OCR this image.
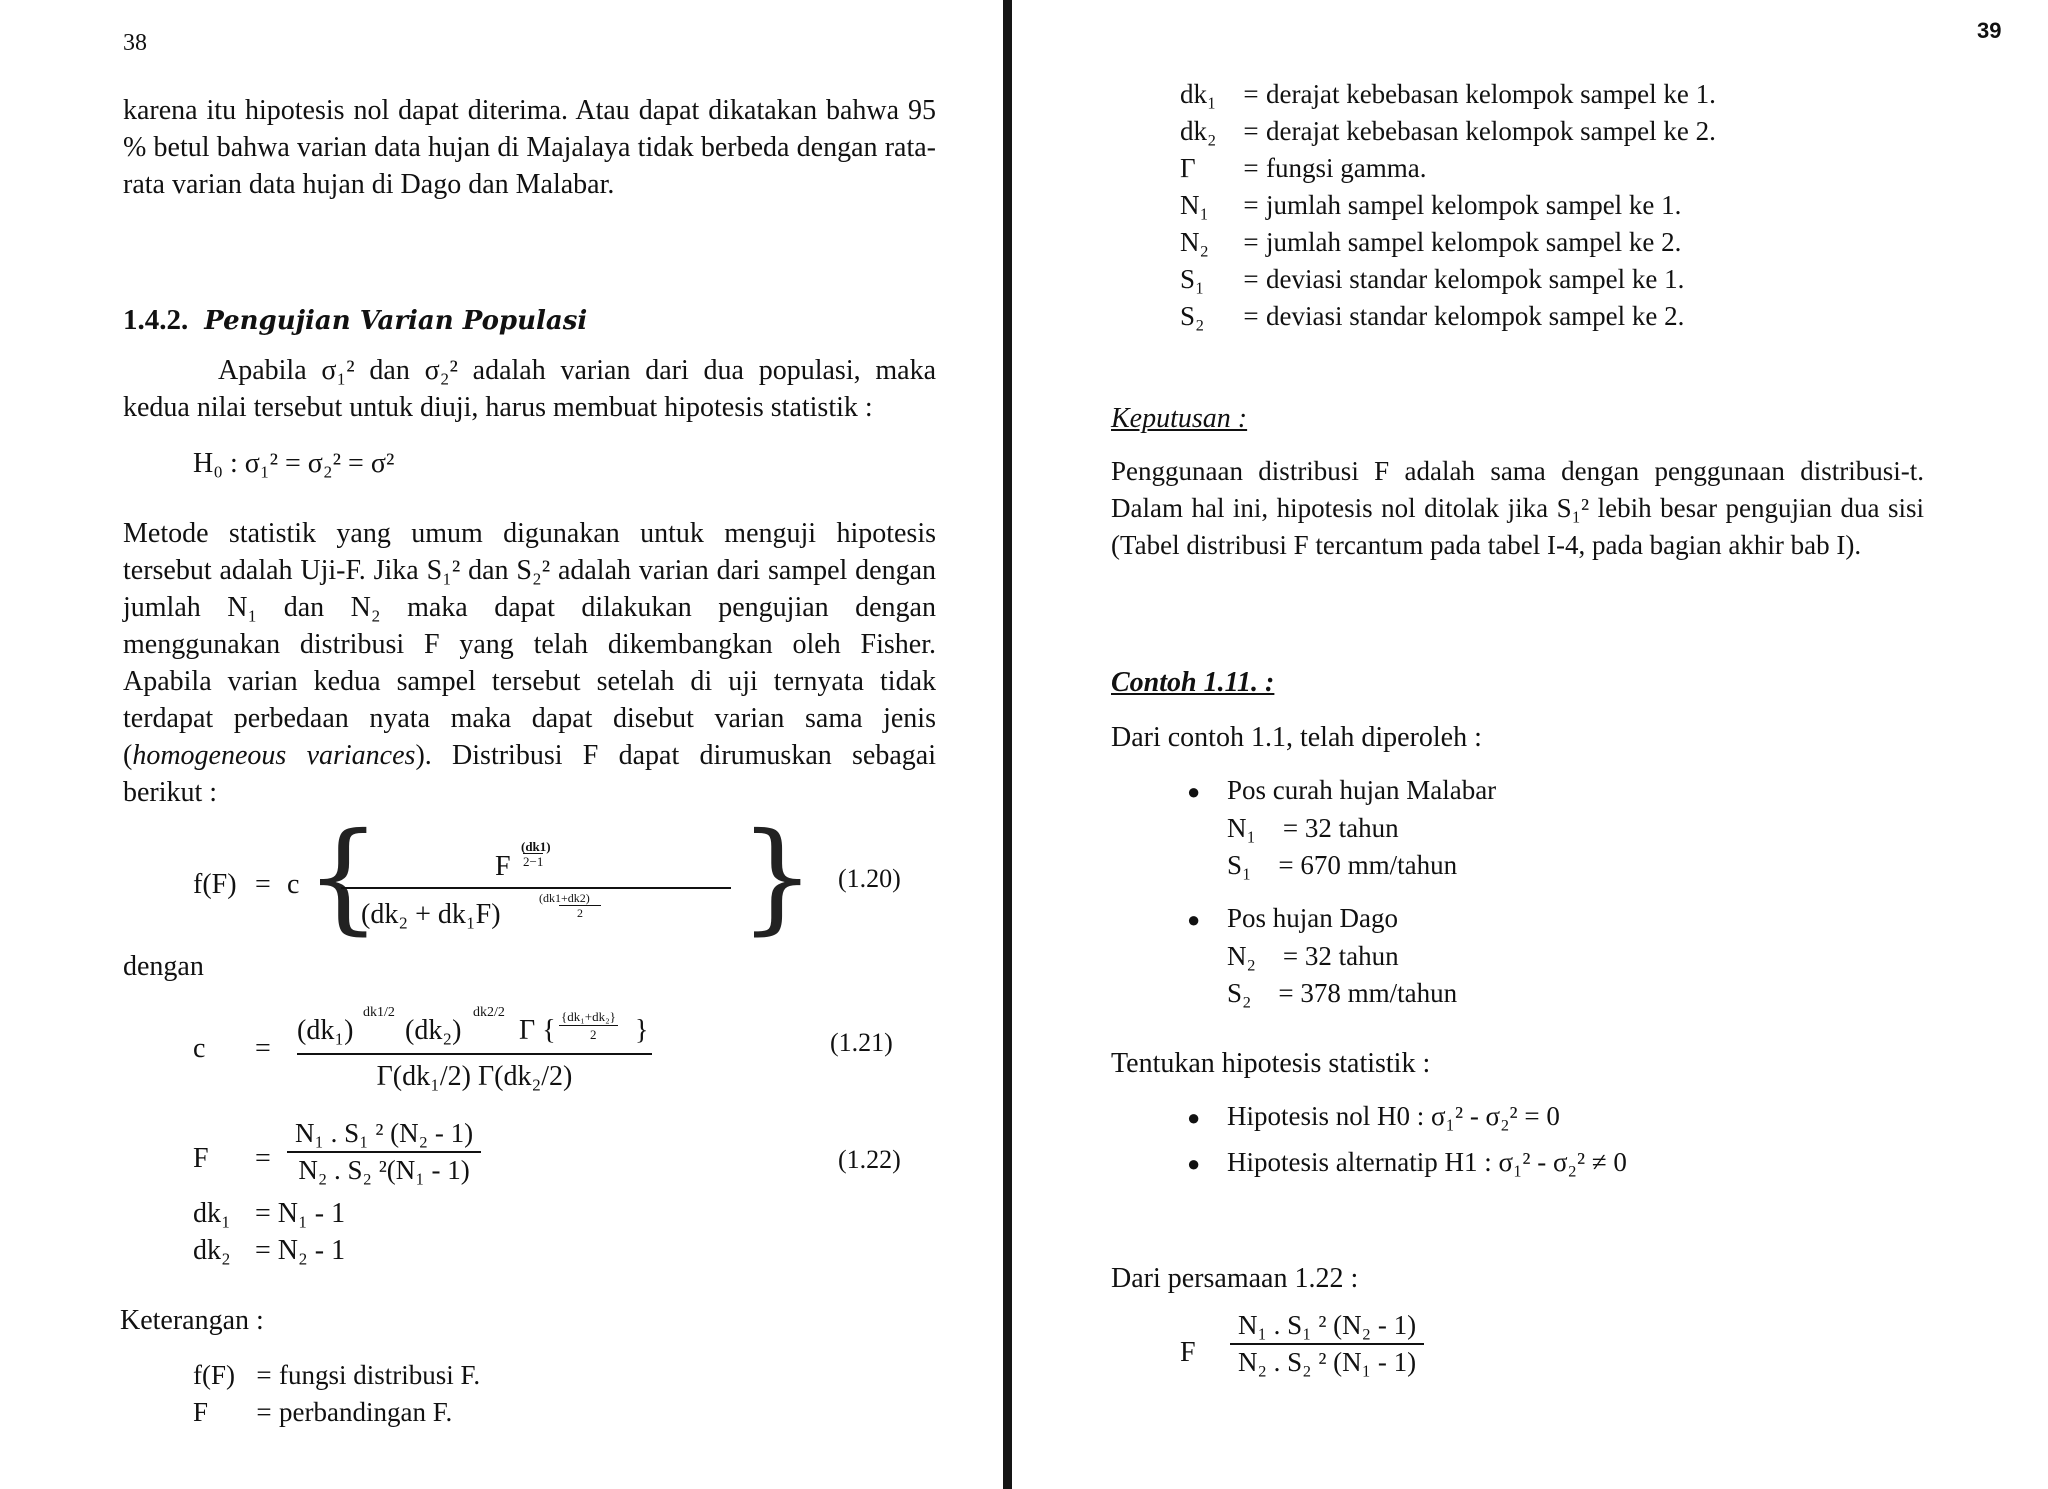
38

karena itu hipotesis nol dapat diterima. Atau dapat dikatakan bahwa 95 % betul bahwa varian data hujan di Majalaya tidak berbeda dengan rata-rata varian data hujan di Dago dan Malabar.

1.4.2. Pengujian Varian Populasi

Apabila σ₁² dan σ₂² adalah varian dari dua populasi, maka kedua nilai tersebut untuk diuji, harus membuat hipotesis statistik :

H₀ : σ₁² = σ₂² = σ²

Metode statistik yang umum digunakan untuk menguji hipotesis tersebut adalah Uji-F. Jika S₁² dan S₂² adalah varian dari sampel dengan jumlah N₁ dan N₂ maka dapat dilakukan pengujian dengan menggunakan distribusi F yang telah dikembangkan oleh Fisher. Apabila varian kedua sampel tersebut setelah di uji ternyata tidak terdapat perbedaan nyata maka dapat disebut varian sama jenis (homogeneous variances). Distribusi F dapat dirumuskan sebagai berikut :

f(F) = c {
F
(dk1)
2−1
(dk₂ + dk₁F)
(dk1+dk2)
2 } (1.20)
dengan
c =
(dk₁)
dk1/2
(dk₂)
dk2/2
Γ { {dk₁+dk₂}
2 }
Γ(dk₁/2) Γ(dk₂/2)
(1.21)
$F = \frac{\text{N₁ . S₁ ² (N₂ - 1)}}{\text{N₂ . S₂ ²(N₁ - 1)}}$	(1.22)
dk₁ = N₁ - 1
dk₂ = N₂ - 1
Keterangan :
f(F) = fungsi distribusi F.
F	= perbandingan F.
39
dk₁ = derajat kebebasan kelompok sampel ke 1.
dk₂ = derajat kebebasan kelompok sampel ke 2.
Γ	= fungsi gamma.
N₁	= jumlah sampel kelompok sampel ke 1.
N₂	= jumlah sampel kelompok sampel ke 2.
S₁	= deviasi standar kelompok sampel ke 1.
S₂	= deviasi standar kelompok sampel ke 2.
Keputusan :

Penggunaan distribusi F adalah sama dengan penggunaan distribusi-t. Dalam hal ini, hipotesis nol ditolak jika S₁² lebih besar pengujian dua sisi (Tabel distribusi F tercantum pada tabel I-4, pada bagian akhir bab I).

Contoh 1.11. :
Dari contoh 1.1, telah diperoleh :
● Pos curah hujan Malabar
N₁    = 32 tahun
S₁    = 670 mm/tahun
● Pos hujan Dago
N₂    = 32 tahun
S₂    = 378 mm/tahun
Tentukan hipotesis statistik :
● Hipotesis nol H0 : σ₁² - σ₂² = 0
● Hipotesis alternatip H1 : σ₁² - σ₂² ≠ 0
Dari persamaan 1.22 :
F $\frac{\text{N₁ . S₁ ² (N₂ - 1)}}{\text{N₂ . S₂ ² (N₁ - 1)}}$
